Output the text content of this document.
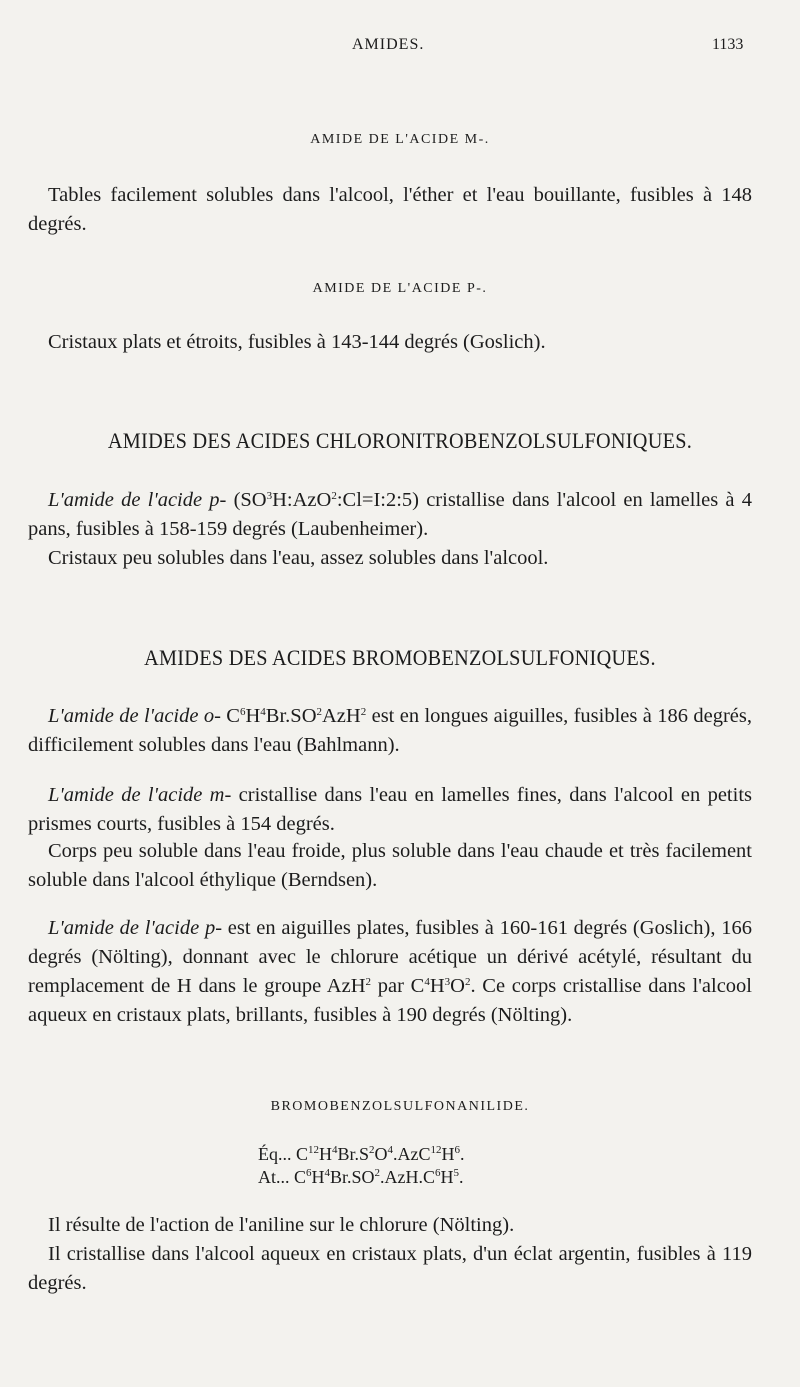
AMIDES.	1133
AMIDE DE L'ACIDE M-.

Tables facilement solubles dans l'alcool, l'éther et l'eau bouillante, fusibles à 148 degrés.

AMIDE DE L'ACIDE P-.

Cristaux plats et étroits, fusibles à 143-144 degrés (Goslich).

AMIDES DES ACIDES CHLORONITROBENZOLSULFONIQUES.

L'amide de l'acide p- $(SO^3H:AzO^2:Cl=I:2:5)$ cristallise dans l'alcool en lamelles à 4 pans, fusibles à 158-159 degrés (Laubenheimer).

Cristaux peu solubles dans l'eau, assez solubles dans l'alcool.

AMIDES DES ACIDES BROMOBENZOLSULFONIQUES.

L'amide de l'acide o- $C^6H^4Br.SO^2AzH^2$ est en longues aiguilles, fusibles à 186 degrés, difficilement solubles dans l'eau (Bahlmann).

L'amide de l'acide m- cristallise dans l'eau en lamelles fines, dans l'alcool en petits prismes courts, fusibles à 154 degrés.

Corps peu soluble dans l'eau froide, plus soluble dans l'eau chaude et très facilement soluble dans l'alcool éthylique (Berndsen).

L'amide de l'acide p- est en aiguilles plates, fusibles à 160-161 degrés (Goslich), 166 degrés (Nölting), donnant avec le chlorure acétique un dérivé acétylé, résultant du remplacement de H dans le groupe AzH$^2$ par $C^4H^3O^2$. Ce corps cristallise dans l'alcool aqueux en cristaux plats, brillants, fusibles à 190 degrés (Nölting).

BROMOBENZOLSULFONANILIDE.
Éq... $C^{12}H^4Br.S^2O^4.AzC^{12}H^6$.
At... $C^6H^4Br.SO^2.AzH.C^6H^5$.

Il résulte de l'action de l'aniline sur le chlorure (Nölting).

Il cristallise dans l'alcool aqueux en cristaux plats, d'un éclat argentin, fusibles à 119 degrés.
